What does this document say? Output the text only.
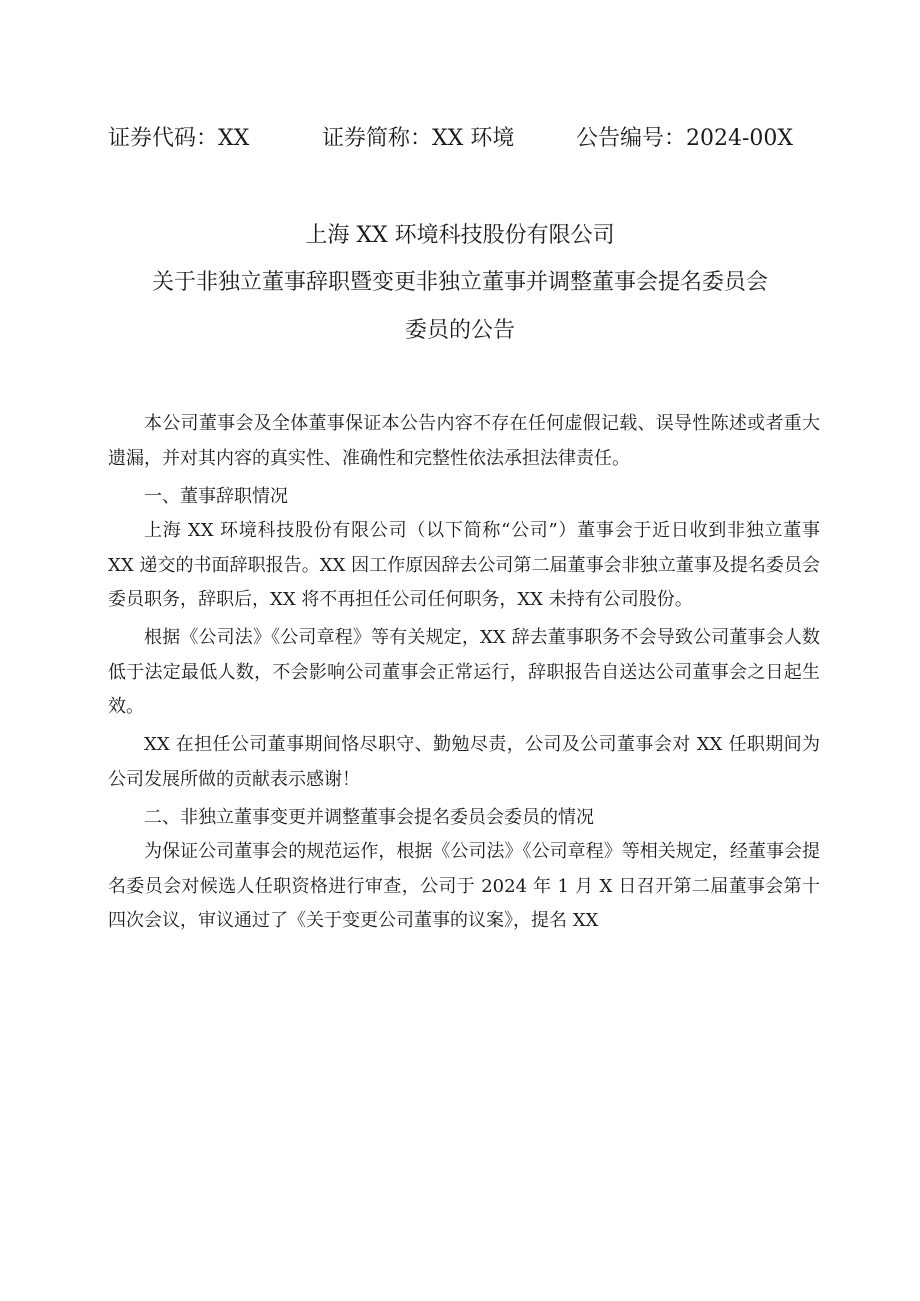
证券代码：XX	证券简称：XX 环境	公告编号：2024-00X
上海 XX 环境科技股份有限公司
关于非独立董事辞职暨变更非独立董事并调整董事会提名委员会
委员的公告

本公司董事会及全体董事保证本公告内容不存在任何虚假记载、误导性陈述或者重大遗漏，并对其内容的真实性、准确性和完整性依法承担法律责任。

一、董事辞职情况

上海 XX 环境科技股份有限公司（以下简称“公司”）董事会于近日收到非独立董事 XX 递交的书面辞职报告。XX 因工作原因辞去公司第二届董事会非独立董事及提名委员会委员职务，辞职后，XX 将不再担任公司任何职务，XX 未持有公司股份。

根据《公司法》《公司章程》等有关规定，XX 辞去董事职务不会导致公司董事会人数低于法定最低人数，不会影响公司董事会正常运行，辞职报告自送达公司董事会之日起生效。

XX 在担任公司董事期间恪尽职守、勤勉尽责，公司及公司董事会对 XX 任职期间为公司发展所做的贡献表示感谢！

二、非独立董事变更并调整董事会提名委员会委员的情况

为保证公司董事会的规范运作，根据《公司法》《公司章程》等相关规定，经董事会提名委员会对候选人任职资格进行审查，公司于 2024 年 1 月 X 日召开第二届董事会第十四次会议，审议通过了《关于变更公司董事的议案》，提名 XX
